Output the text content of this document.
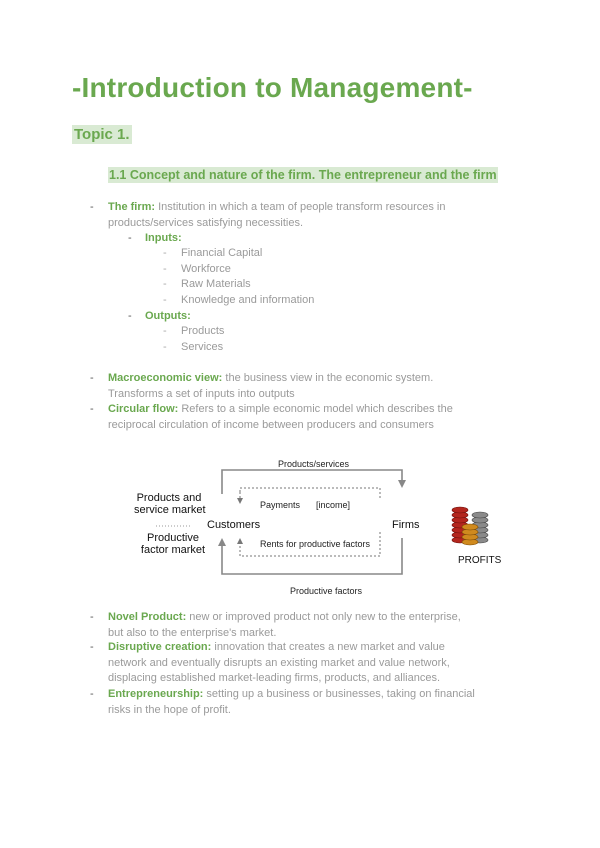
-Introduction to Management-
Topic 1.
1.1 Concept and nature of the firm. The entrepreneur and the firm
- The firm: Institution in which a team of people transform resources in
products/services satisfying necessities.
- Inputs:
- Financial Capital
- Workforce
- Raw Materials
- Knowledge and information
- Outputs:
- Products
- Services
- Macroeconomic view: the business view in the economic system.
Transforms a set of inputs into outputs
- Circular flow: Refers to a simple economic model which describes the
reciprocal circulation of income between producers and consumers
Products/services
Payments [income]
Rents for productive factors
Productive factors
Customers	Firms
Products and
service market
Productive
factor market
PROFITS
- Novel Product: new or improved product not only new to the enterprise,
but also to the enterprise's market.
- Disruptive creation: innovation that creates a new market and value
network and eventually disrupts an existing market and value network,
displacing established market-leading firms, products, and alliances.
- Entrepreneurship: setting up a business or businesses, taking on financial
risks in the hope of profit.
